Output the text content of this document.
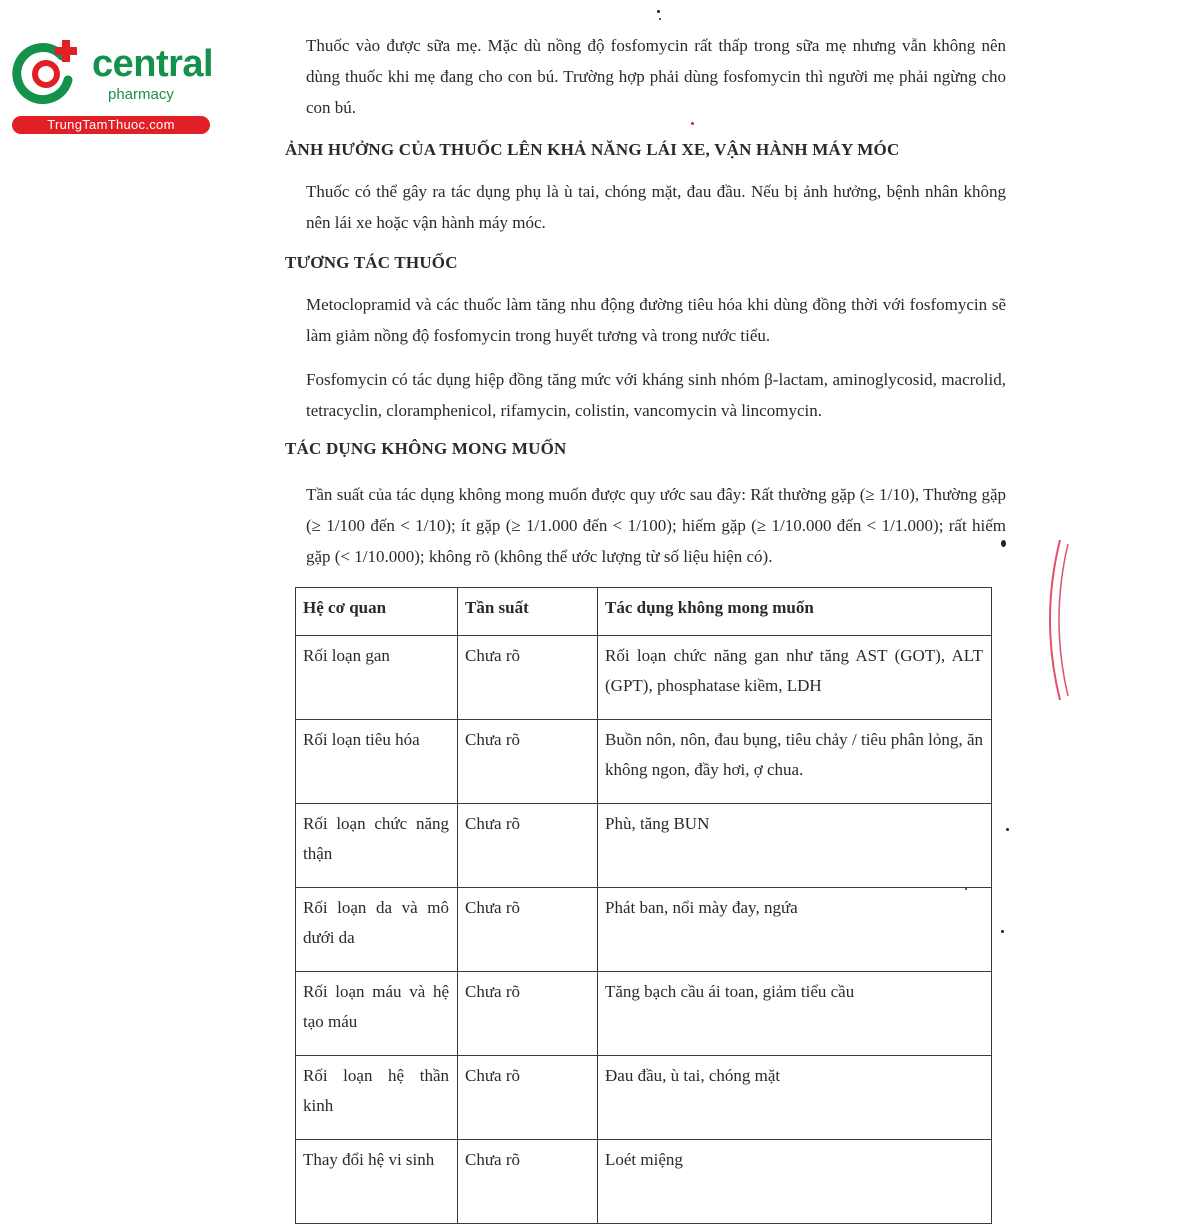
central
pharmacy
TrungTamThuoc.com

Thuốc vào được sữa mẹ. Mặc dù nồng độ fosfomycin rất thấp trong sữa mẹ nhưng vẫn không nên dùng thuốc khi mẹ đang cho con bú. Trường hợp phải dùng fosfomycin thì người mẹ phải ngừng cho con bú.

ẢNH HƯỞNG CỦA THUỐC LÊN KHẢ NĂNG LÁI XE, VẬN HÀNH MÁY MÓC

Thuốc có thể gây ra tác dụng phụ là ù tai, chóng mặt, đau đầu. Nếu bị ảnh hưởng, bệnh nhân không nên lái xe hoặc vận hành máy móc.

TƯƠNG TÁC THUỐC

Metoclopramid và các thuốc làm tăng nhu động đường tiêu hóa khi dùng đồng thời với fosfomycin sẽ làm giảm nồng độ fosfomycin trong huyết tương và trong nước tiểu.

Fosfomycin có tác dụng hiệp đồng tăng mức với kháng sinh nhóm β-lactam, aminoglycosid, macrolid, tetracyclin, cloramphenicol, rifamycin, colistin, vancomycin và lincomycin.

TÁC DỤNG KHÔNG MONG MUỐN

Tần suất của tác dụng không mong muốn được quy ước sau đây: Rất thường gặp (≥ 1/10), Thường gặp (≥ 1/100 đến < 1/10); ít gặp (≥ 1/1.000 đến < 1/100); hiếm gặp (≥ 1/10.000 đến < 1/1.000); rất hiếm gặp (< 1/10.000); không rõ (không thể ước lượng từ số liệu hiện có).

Hệ cơ quan	Tần suất	Tác dụng không mong muốn
Rối loạn gan	Chưa rõ	Rối loạn chức năng gan như tăng AST (GOT), ALT (GPT), phosphatase kiềm, LDH
Rối loạn tiêu hóa	Chưa rõ	Buồn nôn, nôn, đau bụng, tiêu chảy / tiêu phân lỏng, ăn không ngon, đầy hơi, ợ chua.
Rối loạn chức năng thận	Chưa rõ	Phù, tăng BUN
Rối loạn da và mô dưới da	Chưa rõ	Phát ban, nổi mày đay, ngứa
Rối loạn máu và hệ tạo máu	Chưa rõ	Tăng bạch cầu ái toan, giảm tiểu cầu
Rối loạn hệ thần kinh	Chưa rõ	Đau đầu, ù tai, chóng mặt
Thay đổi hệ vi sinh	Chưa rõ	Loét miệng
